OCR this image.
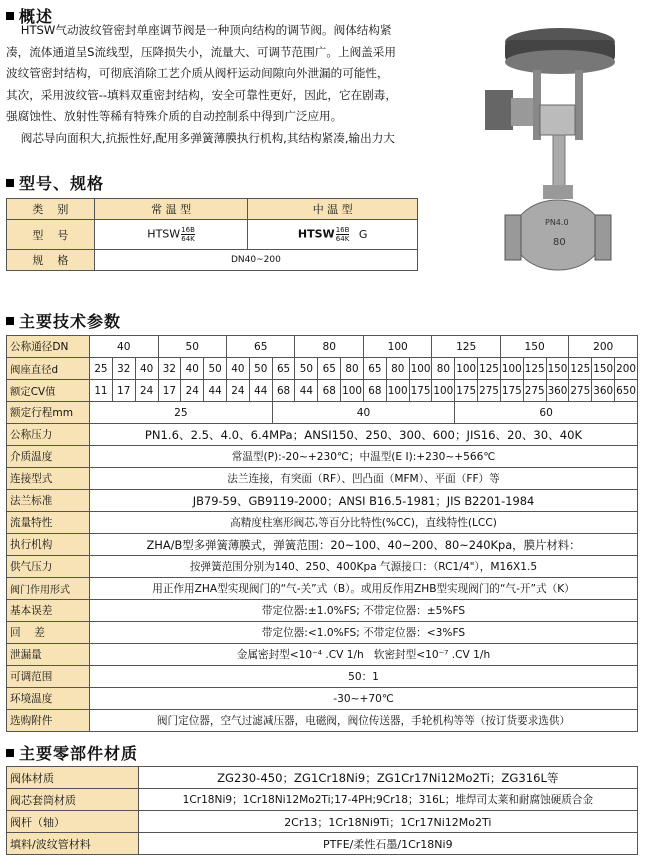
概述

HTSW气动波纹管密封单座调节阀是一种顶向结构的调节阀。阀体结构紧

凑，流体通道呈S流线型，压降损失小，流量大、可调节范围广。上阀盖采用

波纹管密封结构，可彻底消除工艺介质从阀杆运动间隙向外泄漏的可能性，

其次，采用波纹管--填料双重密封结构，安全可靠性更好，因此，它在剧毒，

强腐蚀性、放射性等稀有特殊介质的自动控制系中得到广泛应用。

阀芯导向面积大,抗振性好,配用多弹簧薄膜执行机构,其结构紧凑,输出力大

PN4.0
80
型号、规格
类    别	常 温 型	中 温 型
型    号	HTSW $\frac{16B}{64K}$	HTSW $\frac{16B}{64K}$ G
规    格	DN40~200	
主要技术参数
公称通径DN	40			50			65			80			100			125			150			200		
阀座直径d	25	32	40	32	40	50	40	50	65	50	65	80	65	80	100	80	100	125	100	125	150	125	150	200
额定CV值	11	17	24	17	24	44	24	44	68	44	68	100	68	100	175	100	175	275	175	275	360	275	360	650
额定行程mm	25								40								60							
公称压力	PN1.6、2.5、4.0、6.4MPa；ANSI150、250、300、600；JIS16、20、30、40K																							
介质温度	常温型(P):-20~+230℃；中温型(E I):+230~+566℃																							
连接型式	法兰连接，有突面（RF）、凹凸面（MFM）、平面（FF）等																							
法兰标准	JB79-59、GB9119-2000；ANSI B16.5-1981；JIS B2201-1984																							
流量特性	高精度柱塞形阀芯,等百分比特性(%CC)，直线特性(LCC)																							
执行机构	ZHA/B型多弹簧薄膜式，弹簧范围：20~100、40~200、80~240Kpa，膜片材料：																							
供气压力	按弹簧范围分别为140、250、400Kpa 气源接口：（RC1/4"），M16X1.5																							
阀门作用形式	用正作用ZHA型实现阀门的“气-关”式（B）。或用反作用ZHB型实现阀门的“气-开”式（K）																							
基本误差	带定位器:±1.0%FS; 不带定位器：±5%FS																							
回    差	带定位器:<1.0%FS; 不带定位器：<3%FS																							
泄漏量	金属密封型<10⁻⁴ .CV 1/h   软密封型<10⁻⁷ .CV 1/h																							
可调范围	50：1																							
环境温度	-30~+70℃																							
选购附件	阀门定位器，空气过滤减压器，电磁阀，阀位传送器，手轮机构等等（按订货要求选供）																							
主要零部件材质
阀体材质	ZG230-450；ZG1Cr18Ni9；ZG1Cr17Ni12Mo2Ti；ZG316L等
阀芯套筒材质	1Cr18Ni9；1Cr18Ni12Mo2Ti;17-4PH;9Cr18；316L；堆焊司太莱和耐腐蚀硬质合金
阀杆（轴）	2Cr13；1Cr18Ni9Ti；1Cr17Ni12Mo2Ti
填料/波纹管材料	PTFE/柔性石墨/1Cr18Ni9
